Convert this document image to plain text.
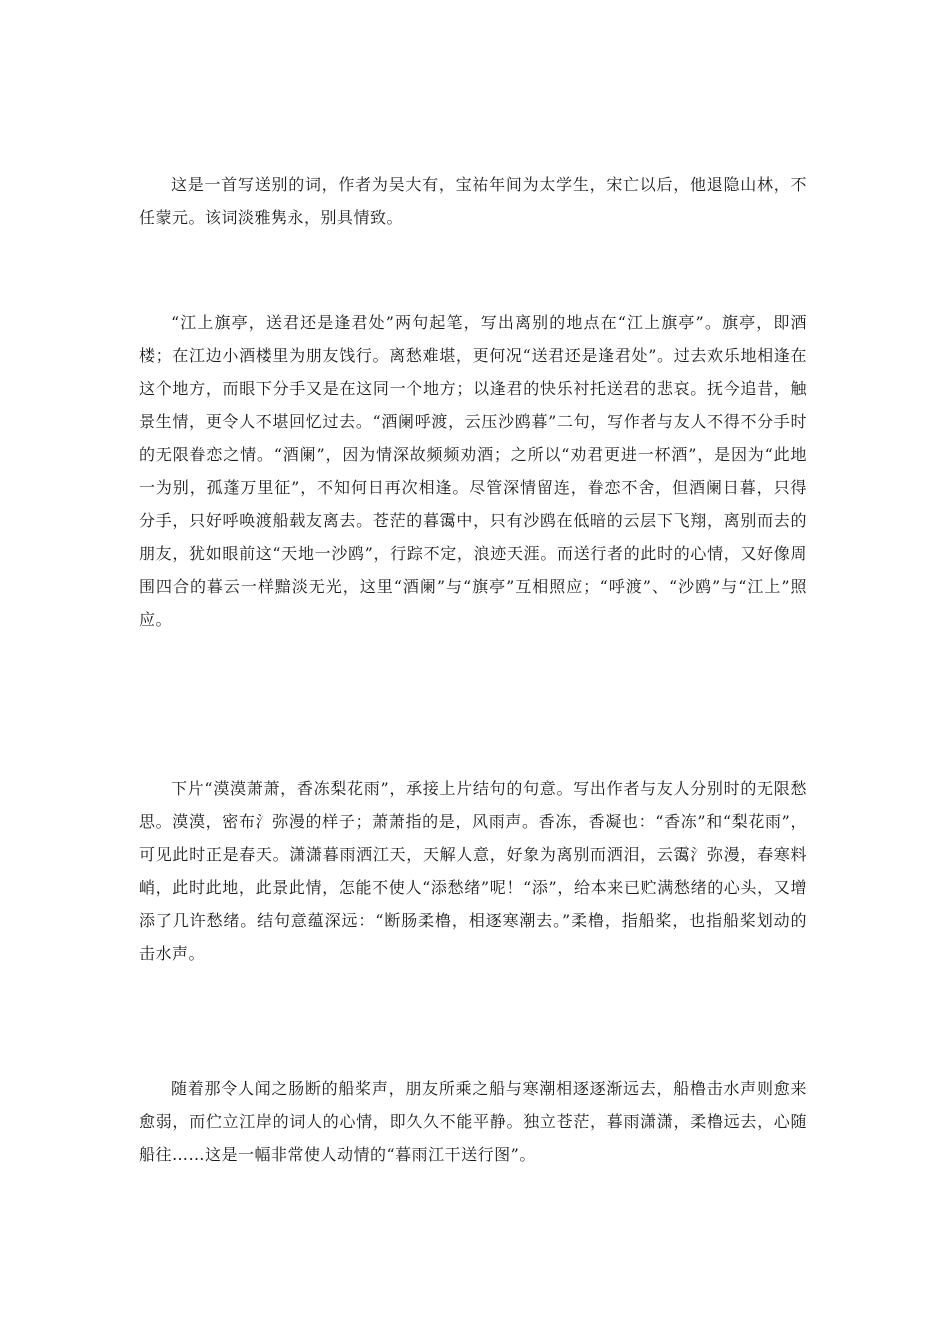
这是一首写送别的词，作者为吴大有，宝祐年间为太学生，宋亡以后，他退隐山林，不任蒙元。该词淡雅隽永，别具情致。

“江上旗亭，送君还是逢君处”两句起笔，写出离别的地点在“江上旗亭”。旗亭，即酒楼；在江边小酒楼里为朋友饯行。离愁难堪，更何况“送君还是逢君处”。过去欢乐地相逢在这个地方，而眼下分手又是在这同一个地方；以逢君的快乐衬托送君的悲哀。抚今追昔，触景生情，更令人不堪回忆过去。“酒阑呼渡，云压沙鸥暮”二句，写作者与友人不得不分手时的无限眷恋之情。“酒阑”，因为情深故频频劝酒；之所以“劝君更进一杯酒”，是因为“此地一为别，孤蓬万里征”，不知何日再次相逢。尽管深情留连，眷恋不舍，但酒阑日暮，只得分手，只好呼唤渡船载友离去。苍茫的暮霭中，只有沙鸥在低暗的云层下飞翔，离别而去的朋友，犹如眼前这“天地一沙鸥”，行踪不定，浪迹天涯。而送行者的此时的心情，又好像周围四合的暮云一样黯淡无光，这里“酒阑”与“旗亭”互相照应；“呼渡”、“沙鸥”与“江上”照应。

下片“漠漠萧萧，香冻梨花雨”，承接上片结句的句意。写出作者与友人分别时的无限愁思。漠漠，密布氵弥漫的样子；萧萧指的是，风雨声。香冻，香凝也：“香冻”和“梨花雨”，可见此时正是春天。潇潇暮雨洒江天，天解人意，好象为离别而洒泪，云霭氵弥漫，春寒料峭，此时此地，此景此情，怎能不使人“添愁绪”呢！“添”，给本来已贮满愁绪的心头，又增添了几许愁绪。结句意蕴深远：“断肠柔橹，相逐寒潮去。”柔橹，指船桨，也指船桨划动的击水声。

随着那令人闻之肠断的船桨声，朋友所乘之船与寒潮相逐逐渐远去，船橹击水声则愈来愈弱，而伫立江岸的词人的心情，即久久不能平静。独立苍茫，暮雨潇潇，柔橹远去，心随船往……这是一幅非常使人动情的“暮雨江干送行图”。
